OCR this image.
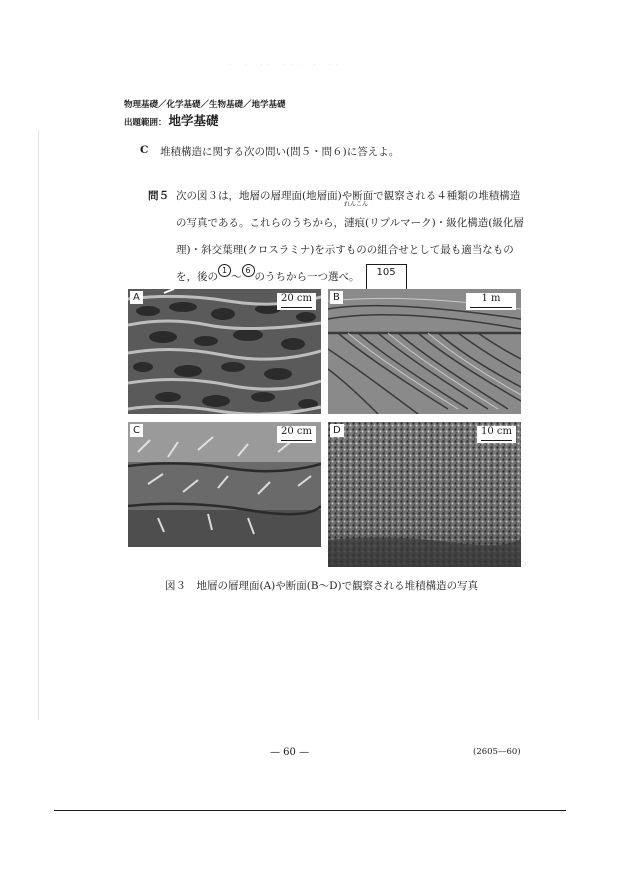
· · ·· ··· · ··
物理基礎／化学基礎／生物基礎／地学基礎
出題範囲： 地学基礎
C	堆積構造に関する次の問い(問５・問６)に答えよ。
問５ 次の図３は，地層の層理面(地層面)や断面で観察される４種類の堆積構造
の写真である。これらのうちから，
れんこん
漣痕 (リプルマーク)・級化構造(級化層
理)・斜交葉理(クロスラミナ)を示すものの組合せとして最も適当なもの
を，後の
1
～
6
のうちから一つ選べ。	105
A	20 cm	B	1 m
C	20 cm	D	10 cm
図３　地層の層理面(A)や断面(B～D)で観察される堆積構造の写真
— 60 —	(2605—60)
